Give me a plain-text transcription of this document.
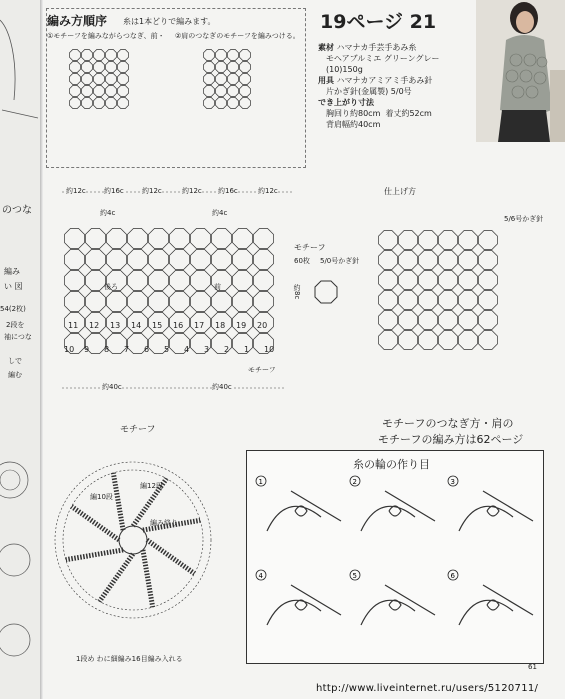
のつな
編み
い 図
54(2枚)
2段を
袖につな
しで
編む
編み方順序 糸は1本どりで編みます。
①モチーフを編みながらつなぎ、前・ ②肩のつなぎのモチーフを編みつける。
19ページ 21
素材 ハマナカ手芸手あみ糸
モヘアブルミエ グリーングレー
(10)150g
用具 ハマナカアミアミ手あみ針
片かぎ針(金属製) 5/0号
でき上がり寸法
胸回り約80cm 着丈約52cm
背肩幅約40cm
約12c	約16c	約12c	約12c 約16c	約12c
約4c	約4c
後ろ	前
11 12 13 14 15 16 17 18 19 20
10 9 8 7 6 5 4 3 2 1 10
モチーフ
約40c	約40c
モチーフ
60枚 5/0号かぎ針
約8c
仕上げ方
5/6号かぎ針
モチーフのつなぎ方・肩の
モチーフの編み方は62ページ
モチーフ
編10段
編12段
編み終り
1段め わに細編み16目編み入れる
糸の輪の作り目
1	2	3
4	5	6
61
http://www.liveinternet.ru/users/5120711/
